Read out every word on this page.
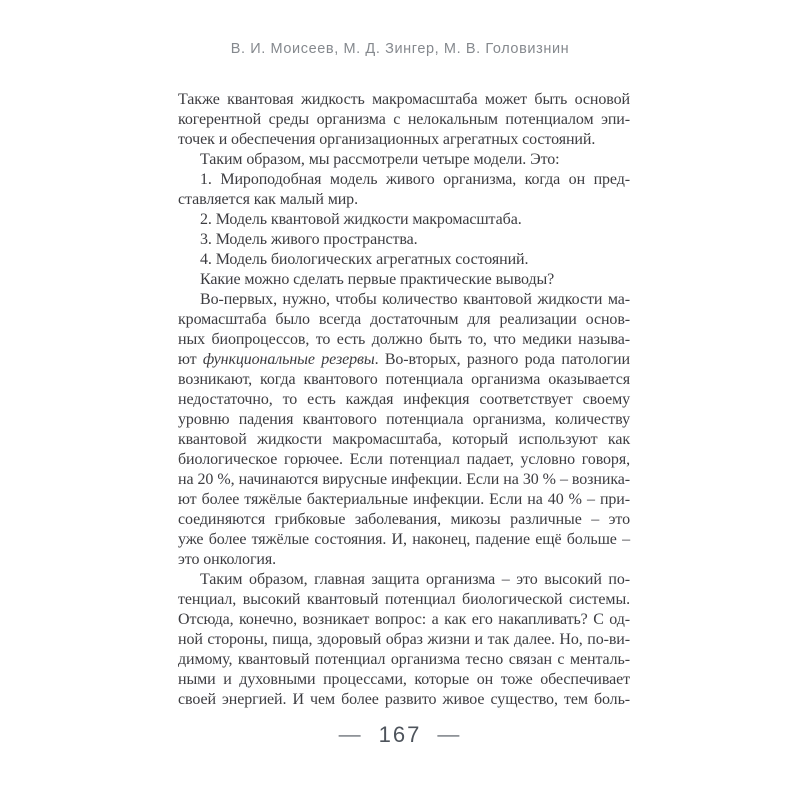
В. И. Моисеев, М. Д. Зингер, М. В. Головизнин
Также квантовая жидкость макромасштаба может быть основой
когерентной среды организма с нелокальным потенциалом эпи-
точек и обеспечения организационных агрегатных состояний.
Таким образом, мы рассмотрели четыре модели. Это:
1. Мироподобная модель живого организма, когда он пред-
ставляется как малый мир.
2. Модель квантовой жидкости макромасштаба.
3. Модель живого пространства.
4. Модель биологических агрегатных состояний.
Какие можно сделать первые практические выводы?
Во-первых, нужно, чтобы количество квантовой жидкости ма-
кромасштаба было всегда достаточным для реализации основ-
ных биопроцессов, то есть должно быть то, что медики называ-
ют функциональные резервы. Во-вторых, разного рода патологии
возникают, когда квантового потенциала организма оказывается
недостаточно, то есть каждая инфекция соответствует своему
уровню падения квантового потенциала организма, количеству
квантовой жидкости макромасштаба, который используют как
биологическое горючее. Если потенциал падает, условно говоря,
на 20 %, начинаются вирусные инфекции. Если на 30 % – возника-
ют более тяжёлые бактериальные инфекции. Если на 40 % – при-
соединяются грибковые заболевания, микозы различные – это
уже более тяжёлые состояния. И, наконец, падение ещё больше –
это онкология.
Таким образом, главная защита организма – это высокий по-
тенциал, высокий квантовый потенциал биологической системы.
Отсюда, конечно, возникает вопрос: а как его накапливать? С од-
ной стороны, пища, здоровый образ жизни и так далее. Но, по-ви-
димому, квантовый потенциал организма тесно связан с менталь-
ными и духовными процессами, которые он тоже обеспечивает
своей энергией. И чем более развито живое существо, тем боль-
— 167 —
